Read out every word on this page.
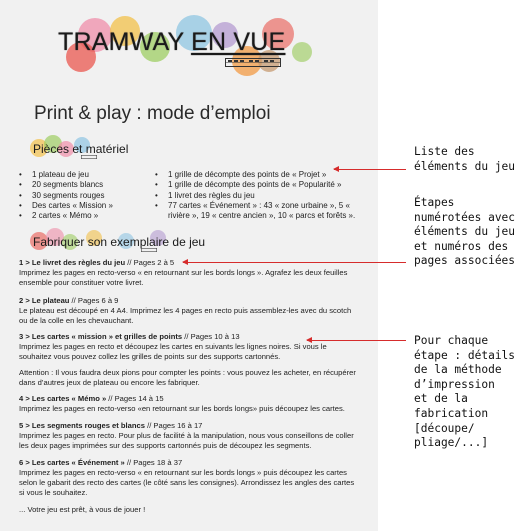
TRAMWAY EN VUE
Print & play : mode d’emploi
Pièces et matériel
• 1 plateau de jeu
• 20 segments blancs
• 30 segments rouges
• Des cartes « Mission »
• 2 cartes « Mémo »
• 1 grille de décompte des points de « Projet »
• 1 grille de décompte des points de « Popularité »
• 1 livret des règles du jeu
• 77 cartes « Événement » : 43 « zone urbaine », 5 « rivière », 19 « centre ancien », 10 « parcs et forêts ».
Fabriquer son exemplaire de jeu

1 > Le livret des règles du jeu // Pages 2 à 5

Imprimez les pages en recto-verso « en retournant sur les bords longs ». Agrafez les deux feuilles ensemble pour constituer votre livret.

2 > Le plateau // Pages 6 à 9

Le plateau est découpé en 4 A4. Imprimez les 4 pages en recto puis assemblez-les avec du scotch ou de la colle en les chevauchant.

3 > Les cartes « mission » et grilles de points // Pages 10 à 13

Imprimez les pages en recto et découpez les cartes en suivants les lignes noires. Si vous le souhaitez vous pouvez collez les grilles de points sur des supports cartonnés.

Attention : Il vous faudra deux pions pour compter les points : vous pouvez les acheter, en récupérer dans d’autres jeux de plateau ou encore les fabriquer.

4 > Les cartes « Mémo » // Pages 14 à 15

Imprimez les pages en recto-verso «en retournant sur les bords longs» puis découpez les cartes.

5 > Les segments rouges et blancs // Pages 16 à 17

Imprimez les pages en recto. Pour plus de facilité à la manipulation, nous vous conseillons de coller les deux pages imprimées sur des supports cartonnés puis de découpez les segments.

6 > Les cartes « Événement » // Pages 18 à 37

Imprimez les pages en recto-verso « en retournant sur les bords longs » puis découpez les cartes selon le gabarit des recto des cartes (le côté sans les consignes). Arrondissez les angles des cartes si vous le souhaitez.

... Votre jeu est prêt, à vous de jouer !

Liste des

éléments du jeu

Étapes

numérotées avec

éléments du jeu

et numéros des

pages associées

Pour chaque

étape : détails

de la méthode

d’impression

et de la

fabrication

[découpe/

pliage/...]
